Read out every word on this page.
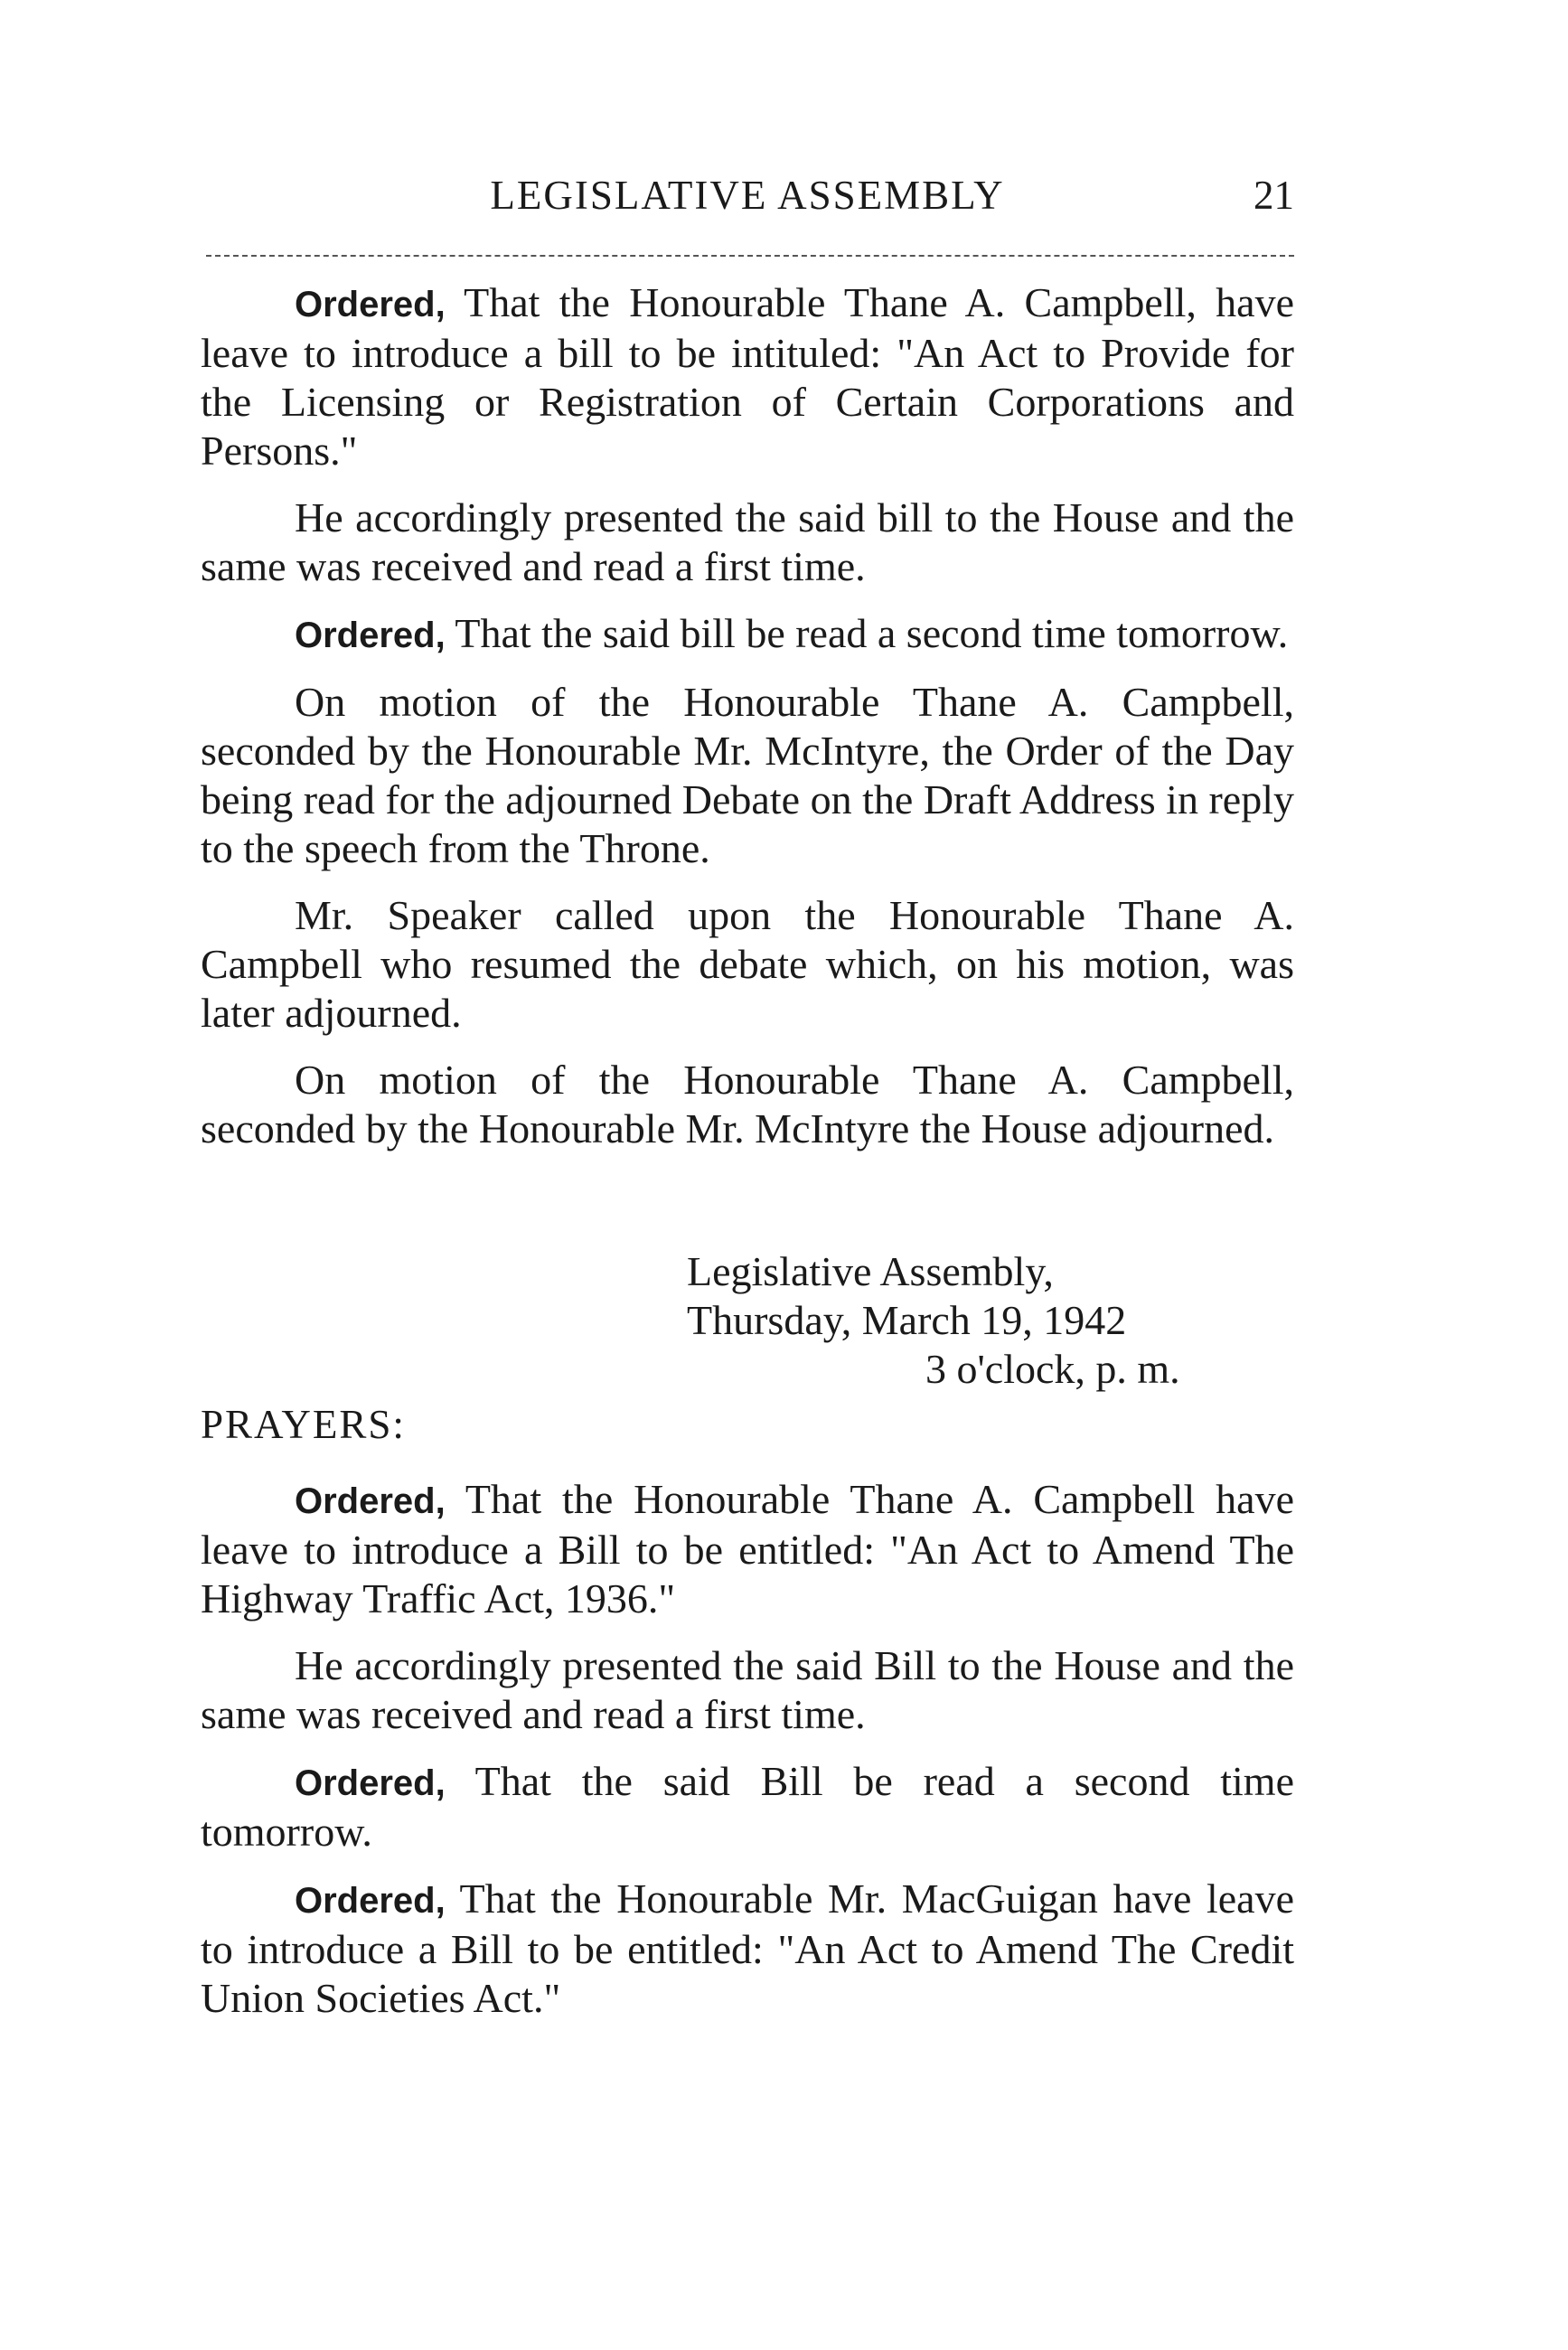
LEGISLATIVE ASSEMBLY	21

Ordered, That the Honourable Thane A. Campbell, have leave to introduce a bill to be intituled: "An Act to Provide for the Licensing or Registration of Certain Corporations and Persons."

He accordingly presented the said bill to the House and the same was received and read a first time.

Ordered, That the said bill be read a second time tomorrow.

On motion of the Honourable Thane A. Campbell, seconded by the Honourable Mr. McIntyre, the Order of the Day being read for the adjourned Debate on the Draft Address in reply to the speech from the Throne.

Mr. Speaker called upon the Honourable Thane A. Campbell who resumed the debate which, on his motion, was later adjourned.

On motion of the Honourable Thane A. Campbell, seconded by the Honourable Mr. McIntyre the House adjourned.

Legislative Assembly,
Thursday, March 19, 1942
3 o'clock, p. m.
PRAYERS:

Ordered, That the Honourable Thane A. Campbell have leave to introduce a Bill to be entitled: "An Act to Amend The Highway Traffic Act, 1936."

He accordingly presented the said Bill to the House and the same was received and read a first time.

Ordered, That the said Bill be read a second time tomorrow.

Ordered, That the Honourable Mr. MacGuigan have leave to introduce a Bill to be entitled: "An Act to Amend The Credit Union Societies Act."
